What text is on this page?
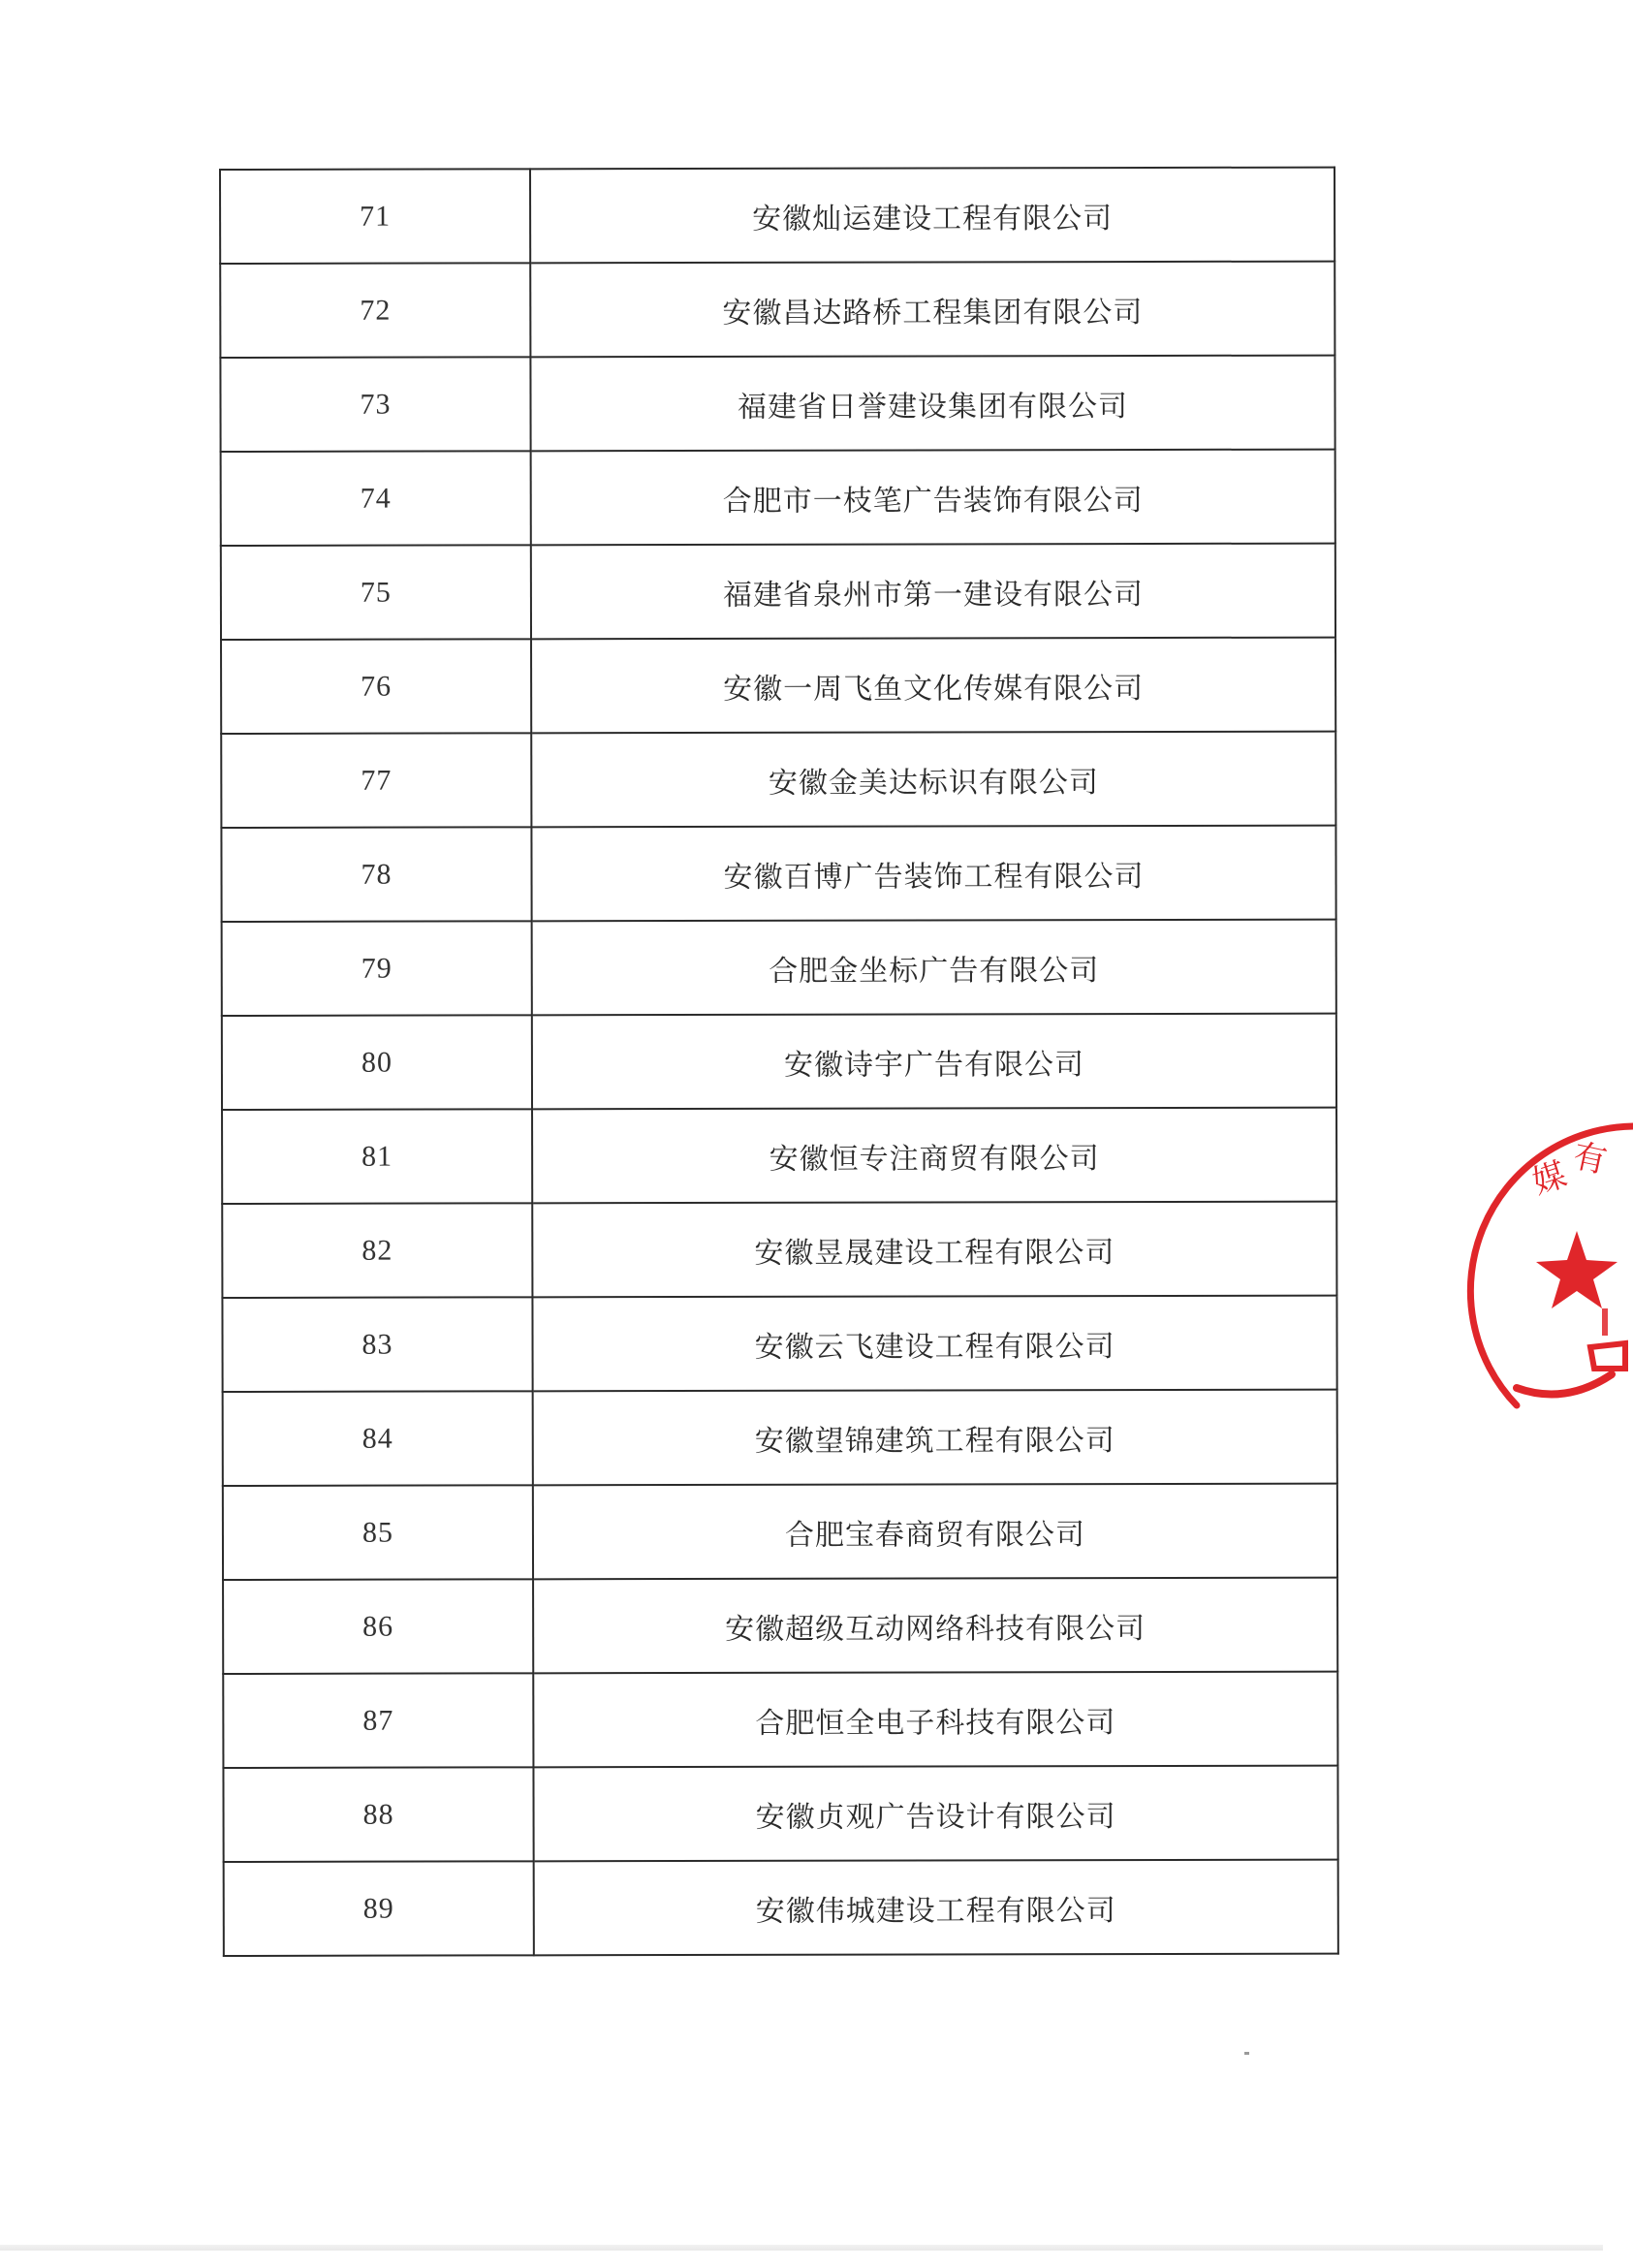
71	安徽灿运建设工程有限公司
72	安徽昌达路桥工程集团有限公司
73	福建省日誉建设集团有限公司
74	合肥市一枝笔广告装饰有限公司
75	福建省泉州市第一建设有限公司
76	安徽一周飞鱼文化传媒有限公司
77	安徽金美达标识有限公司
78	安徽百博广告装饰工程有限公司
79	合肥金坐标广告有限公司
80	安徽诗宇广告有限公司
81	安徽恒专注商贸有限公司
82	安徽昱晟建设工程有限公司
83	安徽云飞建设工程有限公司
84	安徽望锦建筑工程有限公司
85	合肥宝春商贸有限公司
86	安徽超级互动网络科技有限公司
87	合肥恒全电子科技有限公司
88	安徽贞观广告设计有限公司
89	安徽伟城建设工程有限公司
媒
有
